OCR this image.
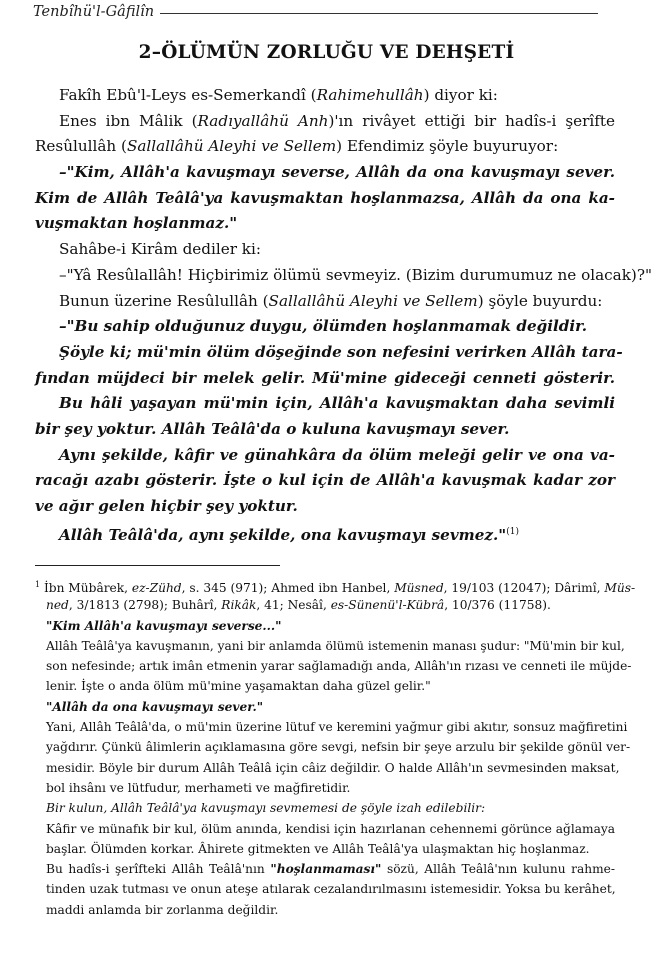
Tenbîhü'l-Gâfilîn
2–ÖLÜMÜN ZORLUĞU VE DEHŞETİ
Fakîh Ebû'l-Leys es-Semerkandî (Rahimehullâh) diyor ki:
Enes ibn Mâlik (Radıyallâhü Anh)'ın rivâyet ettiği bir hadîs-i şerîfte
Resûlullâh (Sallallâhü Aleyhi ve Sellem) Efendimiz şöyle buyuruyor:
–"Kim, Allâh'a kavuşmayı severse, Allâh da ona kavuşmayı sever.
Kim de Allâh Teâlâ'ya kavuşmaktan hoşlanmazsa, Allâh da ona ka-
vuşmaktan hoşlanmaz."
Sahâbe-i Kirâm dediler ki:
–"Yâ Resûlallâh! Hiçbirimiz ölümü sevmeyiz. (Bizim durumumuz ne olacak)?"
Bunun üzerine Resûlullâh (Sallallâhü Aleyhi ve Sellem) şöyle buyurdu:
–"Bu sahip olduğunuz duygu, ölümden hoşlanmamak değildir.
Şöyle ki; mü'min ölüm döşeğinde son nefesini verirken Allâh tara-
fından müjdeci bir melek gelir. Mü'mine gideceği cenneti gösterir.
Bu hâli yaşayan mü'min için, Allâh'a kavuşmaktan daha sevimli
bir şey yoktur. Allâh Teâlâ'da o kuluna kavuşmayı sever.
Aynı şekilde, kâfir ve günahkâra da ölüm meleği gelir ve ona va-
racağı azabı gösterir. İşte o kul için de Allâh'a kavuşmak kadar zor
ve ağır gelen hiçbir şey yoktur.
Allâh Teâlâ'da, aynı şekilde, ona kavuşmayı sevmez."$^{(1)}$
$^1$ İbn Mübârek, ez-Zühd, s. 345 (971); Ahmed ibn Hanbel, Müsned, 19/103 (12047); Dârimî, Müs-
ned, 3/1813 (2798); Buhârî, Rikâk, 41; Nesâî, es-Sünenü'l-Kübrâ, 10/376 (11758).
"Kim Allâh'a kavuşmayı severse..."
Allâh Teâlâ'ya kavuşmanın, yani bir anlamda ölümü istemenin manası şudur: "Mü'min bir kul,
son nefesinde; artık imân etmenin yarar sağlamadığı anda, Allâh'ın rızası ve cenneti ile müjde-
lenir. İşte o anda ölüm mü'mine yaşamaktan daha güzel gelir."
"Allâh da ona kavuşmayı sever."
Yani, Allâh Teâlâ'da, o mü'min üzerine lütuf ve keremini yağmur gibi akıtır, sonsuz mağfiretini
yağdırır. Çünkü âlimlerin açıklamasına göre sevgi, nefsin bir şeye arzulu bir şekilde gönül ver-
mesidir. Böyle bir durum Allâh Teâlâ için câiz değildir. O halde Allâh'ın sevmesinden maksat,
bol ihsânı ve lütfudur, merhameti ve mağfiretidir.
Bir kulun, Allâh Teâlâ'ya kavuşmayı sevmemesi de şöyle izah edilebilir:
Kâfir ve münafık bir kul, ölüm anında, kendisi için hazırlanan cehennemi görünce ağlamaya
başlar. Ölümden korkar. Âhirete gitmekten ve Allâh Teâlâ'ya ulaşmaktan hiç hoşlanmaz.
Bu hadîs-i şerîfteki Allâh Teâlâ'nın "hoşlanmaması" sözü, Allâh Teâlâ'nın kulunu rahme-
tinden uzak tutması ve onun ateşe atılarak cezalandırılmasını istemesidir. Yoksa bu kerâhet,
maddi anlamda bir zorlanma değildir.
